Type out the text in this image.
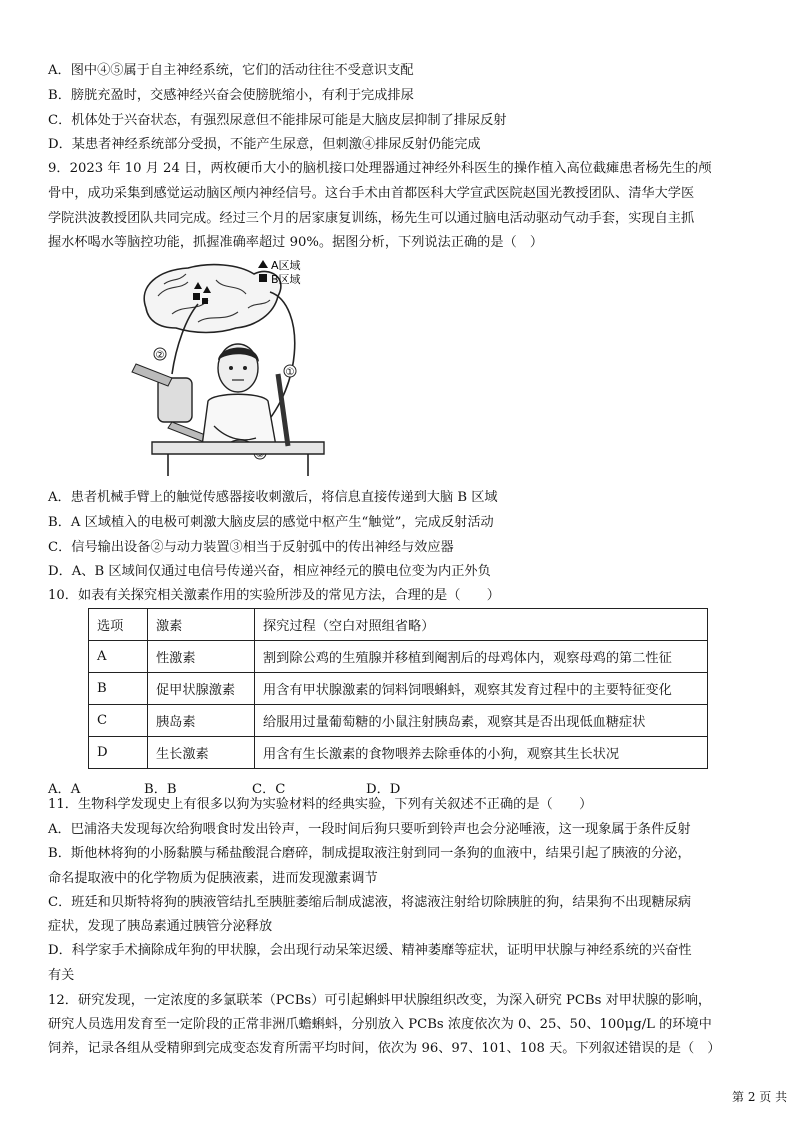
A．图中④⑤属于自主神经系统，它们的活动往往不受意识支配
B．膀胱充盈时，交感神经兴奋会使膀胱缩小，有利于完成排尿
C．机体处于兴奋状态，有强烈尿意但不能排尿可能是大脑皮层抑制了排尿反射
D．某患者神经系统部分受损，不能产生尿意，但刺激④排尿反射仍能完成
9．2023 年 10 月 24 日，两枚硬币大小的脑机接口处理器通过神经外科医生的操作植入高位截瘫患者杨先生的颅
骨中，成功采集到感觉运动脑区颅内神经信号。这台手术由首都医科大学宣武医院赵国光教授团队、清华大学医
学院洪波教授团队共同完成。经过三个月的居家康复训练，杨先生可以通过脑电活动驱动气动手套，实现自主抓
握水杯喝水等脑控功能，抓握准确率超过 90%。据图分析，下列说法正确的是（　）
A区域
B区域
①
②
A．患者机械手臂上的触觉传感器接收刺激后，将信息直接传递到大脑 B 区域
B．A 区域植入的电极可刺激大脑皮层的感觉中枢产生“触觉”，完成反射活动
C．信号输出设备②与动力装置③相当于反射弧中的传出神经与效应器
D．A、B 区域间仅通过电信号传递兴奋，相应神经元的膜电位变为内正外负
10．如表有关探究相关激素作用的实验所涉及的常见方法，合理的是（　　）
选项	激素	探究过程（空白对照组省略）
A	性激素	割到除公鸡的生殖腺并移植到阉割后的母鸡体内，观察母鸡的第二性征
B	促甲状腺激素	用含有甲状腺激素的饲料饲喂蝌蚪，观察其发育过程中的主要特征变化
C	胰岛素	给服用过量葡萄糖的小鼠注射胰岛素，观察其是否出现低血糖症状
D	生长激素	用含有生长激素的食物喂养去除垂体的小狗，观察其生长状况
A．A	B．B	C．C	D．D
11．生物科学发现史上有很多以狗为实验材料的经典实验，下列有关叙述不正确的是（　　）
A．巴浦洛夫发现每次给狗喂食时发出铃声，一段时间后狗只要听到铃声也会分泌唾液，这一现象属于条件反射
B．斯他林将狗的小肠黏膜与稀盐酸混合磨碎，制成提取液注射到同一条狗的血液中，结果引起了胰液的分泌，
命名提取液中的化学物质为促胰液素，进而发现激素调节
C．班廷和贝斯特将狗的胰液管结扎至胰脏萎缩后制成滤液，将滤液注射给切除胰脏的狗，结果狗不出现糖尿病
症状，发现了胰岛素通过胰管分泌释放
D．科学家手术摘除成年狗的甲状腺，会出现行动呆笨迟缓、精神萎靡等症状，证明甲状腺与神经系统的兴奋性
有关
12．研究发现，一定浓度的多氯联苯（PCBs）可引起蝌蚪甲状腺组织改变，为深入研究 PCBs 对甲状腺的影响，
研究人员选用发育至一定阶段的正常非洲爪蟾蝌蚪，分别放入 PCBs 浓度依次为 0、25、50、100μg/L 的环境中
饲养，记录各组从受精卵到完成变态发育所需平均时间，依次为 96、97、101、108 天。下列叙述错误的是（　）
第 2 页 共
